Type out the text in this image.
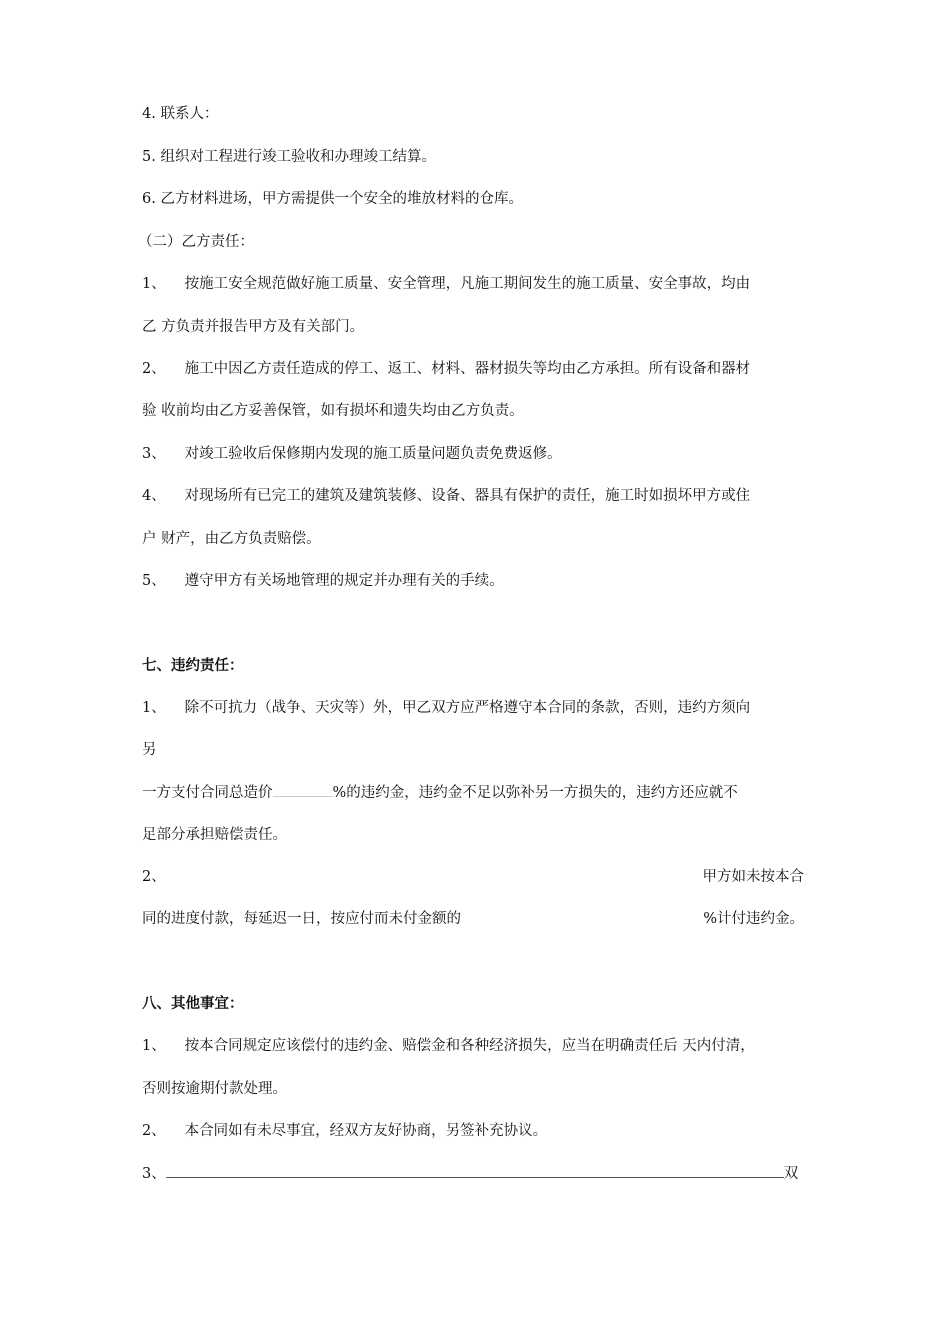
4. 联系人：
5. 组织对工程进行竣工验收和办理竣工结算。
6. 乙方材料进场，甲方需提供一个安全的堆放材料的仓库。
（二）乙方责任：
1、 按施工安全规范做好施工质量、安全管理，凡施工期间发生的施工质量、安全事故，均由
乙 方负责并报告甲方及有关部门。
2、 施工中因乙方责任造成的停工、返工、材料、器材损失等均由乙方承担。所有设备和器材
验 收前均由乙方妥善保管，如有损坏和遗失均由乙方负责。
3、 对竣工验收后保修期内发现的施工质量问题负责免费返修。
4、 对现场所有已完工的建筑及建筑装修、设备、器具有保护的责任，施工时如损坏甲方或住
户 财产，由乙方负责赔偿。
5、 遵守甲方有关场地管理的规定并办理有关的手续。
七、违约责任：
1、 除不可抗力（战争、天灾等）外，甲乙双方应严格遵守本合同的条款，否则，违约方须向
另
一方支付合同总造价	%的违约金，违约金不足以弥补另一方损失的，违约方还应就不
足部分承担赔偿责任。
2、	甲方如未按本合
同的进度付款，每延迟一日，按应付而未付金额的	%计付违约金。
八、其他事宜：
1、 按本合同规定应该偿付的违约金、赔偿金和各种经济损失，应当在明确责任后 天内付清，
否则按逾期付款处理。
2、 本合同如有未尽事宜，经双方友好协商，另签补充协议。
3、	双
